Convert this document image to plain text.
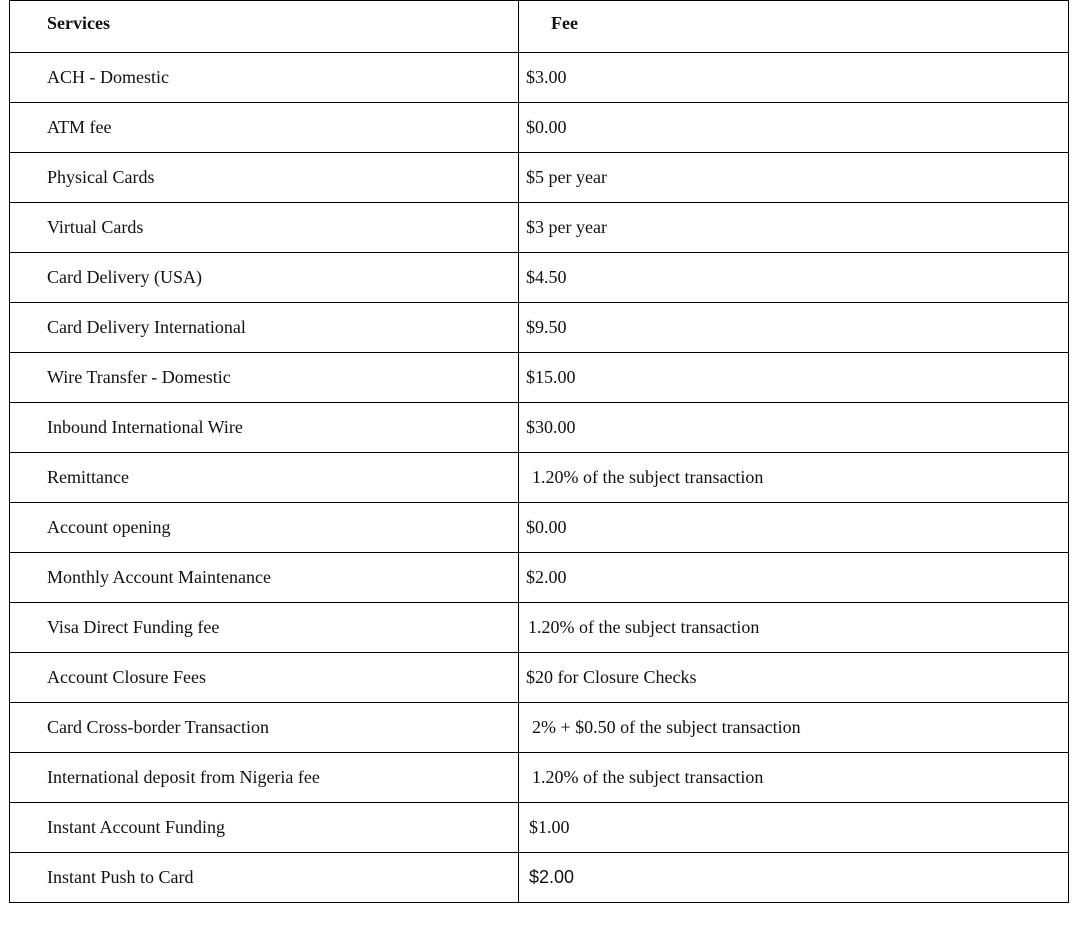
Services	Fee
ACH - Domestic	$3.00
ATM fee	$0.00
Physical Cards	$5 per year
Virtual Cards	$3 per year
Card Delivery (USA)	$4.50
Card Delivery International	$9.50
Wire Transfer - Domestic	$15.00
Inbound International Wire	$30.00
Remittance	1.20% of the subject transaction
Account opening	$0.00
Monthly Account Maintenance	$2.00
Visa Direct Funding fee	1.20% of the subject transaction
Account Closure Fees	$20 for Closure Checks
Card Cross-border Transaction	2% + $0.50 of the subject transaction
International deposit from Nigeria fee	1.20% of the subject transaction
Instant Account Funding	$1.00
Instant Push to Card	$2.00
